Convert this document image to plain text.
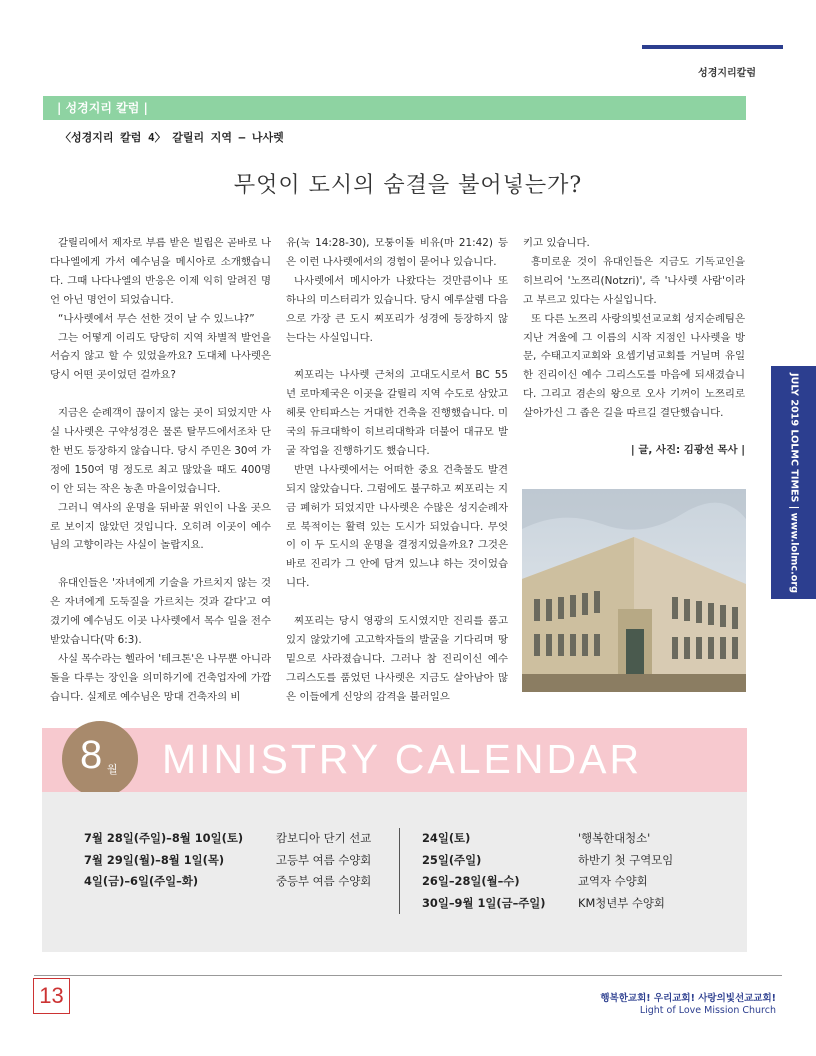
성경지리칼럼
| 성경지리 칼럼 |
〈성경지리 칼럼 4〉 갈릴리 지역 – 나사렛
무엇이 도시의 숨결을 불어넣는가?

갈릴리에서 제자로 부름 받은 빌립은 곧바로 나다나엘에게 가서 예수님을 메시아로 소개했습니다. 그때 나다나엘의 반응은 이제 익히 알려진 명언 아닌 명언이 되었습니다.

“나사렛에서 무슨 선한 것이 날 수 있느냐?”

그는 어떻게 이리도 당당히 지역 차별적 발언을 서슴지 않고 할 수 있었을까요? 도대체 나사렛은 당시 어떤 곳이었던 걸까요?

지금은 순례객이 끊이지 않는 곳이 되었지만 사실 나사렛은 구약성경은 물론 탈무드에서조차 단 한 번도 등장하지 않습니다. 당시 주민은 30여 가정에 150여 명 정도로 최고 많았을 때도 400명이 안 되는 작은 농촌 마을이었습니다.

그러니 역사의 운명을 뒤바꿀 위인이 나올 곳으로 보이지 않았던 것입니다. 오히려 이곳이 예수님의 고향이라는 사실이 놀랍지요.

유대인들은 '자녀에게 기술을 가르치지 않는 것은 자녀에게 도둑질을 가르치는 것과 같다'고 여겼기에 예수님도 이곳 나사렛에서 목수 일을 전수받았습니다(막 6:3).

사실 목수라는 헬라어 '테크톤'은 나무뿐 아니라 돌을 다루는 장인을 의미하기에 건축업자에 가깝습니다. 실제로 예수님은 망대 건축자의 비

유(눅 14:28-30), 모퉁이돌 비유(마 21:42) 등은 이런 나사렛에서의 경험이 묻어나 있습니다.

나사렛에서 메시아가 나왔다는 것만큼이나 또 하나의 미스터리가 있습니다. 당시 예루살렘 다음으로 가장 큰 도시 찌포리가 성경에 등장하지 않는다는 사실입니다.

찌포리는 나사렛 근처의 고대도시로서 BC 55년 로마제국은 이곳을 갈릴리 지역 수도로 삼았고 헤롯 안티파스는 거대한 건축을 진행했습니다. 미국의 듀크대학이 히브리대학과 더불어 대규모 발굴 작업을 진행하기도 했습니다.

반면 나사렛에서는 어떠한 중요 건축물도 발견되지 않았습니다. 그럼에도 불구하고 찌포리는 지금 폐허가 되었지만 나사렛은 수많은 성지순례자로 북적이는 활력 있는 도시가 되었습니다. 무엇이 이 두 도시의 운명을 결정지었을까요? 그것은 바로 진리가 그 안에 담겨 있느냐 하는 것이었습니다.

찌포리는 당시 영광의 도시였지만 진리를 품고 있지 않았기에 고고학자들의 발굴을 기다리며 땅 밑으로 사라졌습니다. 그러나 참 진리이신 예수 그리스도를 품었던 나사렛은 지금도 살아남아 많은 이들에게 신앙의 감격을 불러일으

키고 있습니다.

흥미로운 것이 유대인들은 지금도 기독교인을 히브리어 '노쯔리(Notzri)', 즉 '나사렛 사람'이라고 부르고 있다는 사실입니다.

또 다른 노쯔리 사랑의빛선교교회 성지순례팀은 지난 겨울에 그 이름의 시작 지점인 나사렛을 방문, 수태고지교회와 요셉기념교회를 거닐며 유일한 진리이신 예수 그리스도를 마음에 되새겼습니다. 그리고 겸손의 왕으로 오사 기꺼이 노쯔리로 살아가신 그 좁은 길을 따르길 결단했습니다.

| 글, 사진: 김광선 목사 |	JULY 2019 LOLMC TIMES | www.lolmc.org
MINISTRY CALENDAR
8 월
7월 28일(주일)–8월 10일(토)
7월 29일(월)–8월 1일(목)
4일(금)–6일(주일–화)
캄보디아 단기 선교
고등부 여름 수양회
중등부 여름 수양회
24일(토)
25일(주일)
26일–28일(월–수)
30일–9월 1일(금–주일)
'행복한대청소'
하반기 첫 구역모임
교역자 수양회
KM청년부 수양회
13	행복한교회! 우리교회! 사랑의빛선교교회!
Light of Love Mission Church
